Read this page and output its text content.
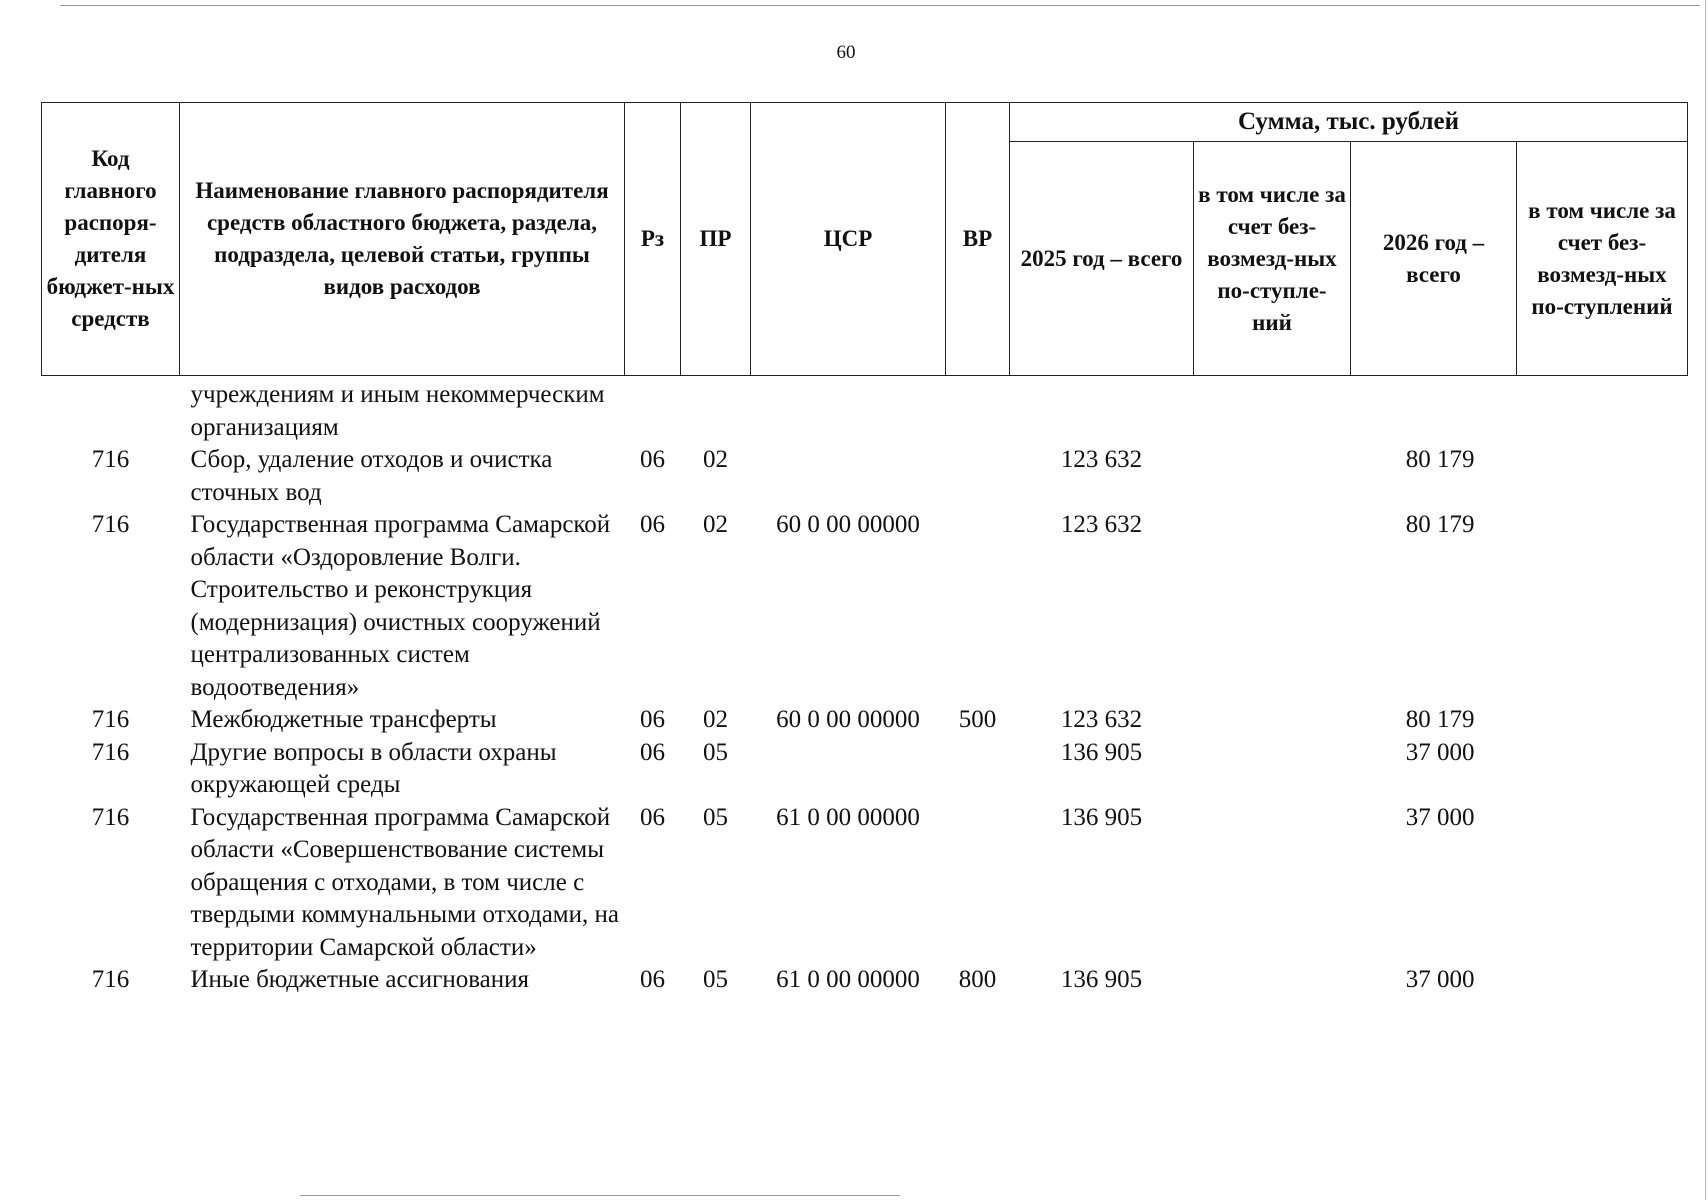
60
Код главного распоря-дителя бюджет-ных средств	Наименование главного распорядителя средств областного бюджета, раздела, подраздела, целевой статьи, группы видов расходов	Рз	ПР	ЦСР	ВР	Сумма, тыс. рублей			
						2025 год – всего	в том числе за счет без-возмезд-ных по-ступле-ний	2026 год – всего	в том числе за счет без-возмезд-ных по-ступлений
	учреждениям и иным некоммерческим организациям								
716	Сбор, удаление отходов и очистка сточных вод	06	02			123 632		80 179	
716	Государственная программа Самарской области «Оздоровление Волги. Строительство и реконструкция (модернизация) очистных сооружений централизованных систем водоотведения»	06	02	60 0 00 00000		123 632		80 179	
716	Межбюджетные трансферты	06	02	60 0 00 00000	500	123 632		80 179	
716	Другие вопросы в области охраны окружающей среды	06	05			136 905		37 000	
716	Государственная программа Самарской области «Совершенствование системы обращения с отходами, в том числе с твердыми коммунальными отходами, на территории Самарской области»	06	05	61 0 00 00000		136 905		37 000	
716	Иные бюджетные ассигнования	06	05	61 0 00 00000	800	136 905		37 000	
